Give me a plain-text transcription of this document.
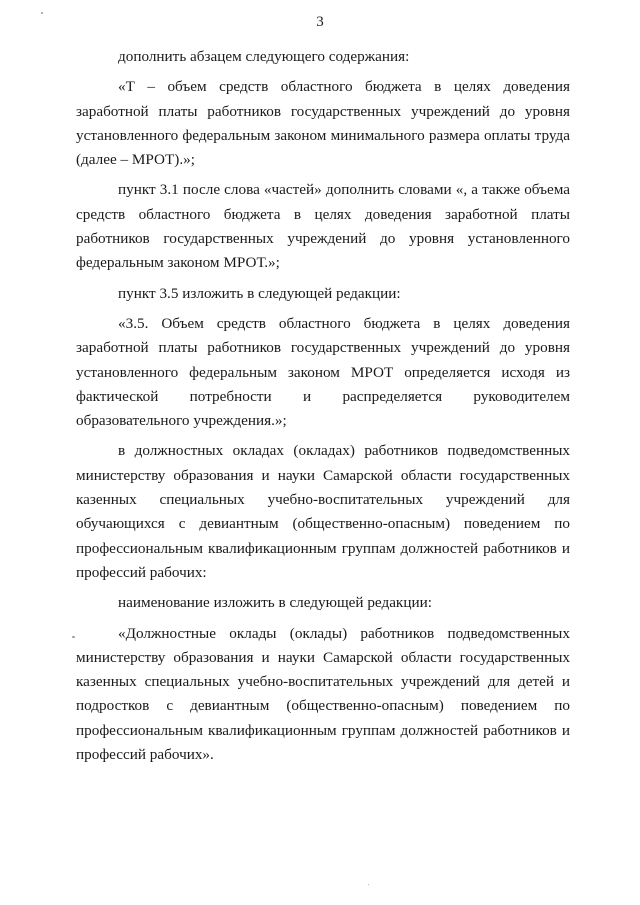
3

дополнить абзацем следующего содержания:

«Т – объем средств областного бюджета в целях доведения заработной платы работников государственных учреждений до уровня установленного федеральным законом минимального размера оплаты труда (далее – МРОТ).»;

пункт 3.1 после слова «частей» дополнить словами «, а также объема средств областного бюджета в целях доведения заработной платы работников государственных учреждений до уровня установленного федеральным законом МРОТ.»;

пункт 3.5 изложить в следующей редакции:

«3.5. Объем средств областного бюджета в целях доведения заработной платы работников государственных учреждений до уровня установленного федеральным законом МРОТ определяется исходя из фактической потребности и распределяется руководителем образовательного учреждения.»;

в должностных окладах (окладах) работников подведомственных министерству образования и науки Самарской области государственных казенных специальных учебно-воспитательных учреждений для обучающихся с девиантным (общественно-опасным) поведением по профессиональным квалификационным группам должностей работников и профессий рабочих:

наименование изложить в следующей редакции:

«Должностные оклады (оклады) работников подведомственных министерству образования и науки Самарской области государственных казенных специальных учебно-воспитательных учреждений для детей и подростков с девиантным (общественно-опасным) поведением по профессиональным квалификационным группам должностей работников и профессий рабочих».
